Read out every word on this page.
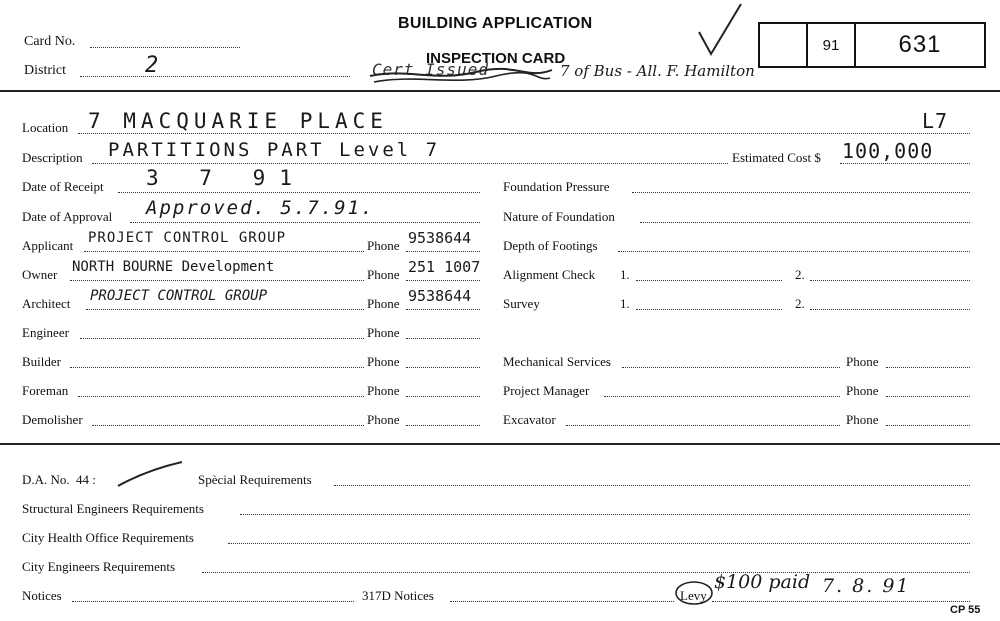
BUILDING APPLICATION
INSPECTION CARD
Card No.
District	2	Cert Issued	7 of Bus - All. F. Hamilton
91	631
Location 7 MACQUARIE PLACE	L7
Description PARTITIONS PART Level 7	Estimated Cost $ 100,000
Date of Receipt 3 7 91
Date of Approval Approved. 5.7.91.
Applicant PROJECT CONTROL GROUP	Phone 9538644
Owner NORTH BOURNE Development	Phone 251 1007
Architect PROJECT CONTROL GROUP	Phone 9538644
Engineer	Phone
Builder	Phone
Foreman	Phone
Demolisher	Phone
Foundation Pressure
Nature of Foundation
Depth of Footings
Alignment Check 1.	2.
Survey	1.	2.
Mechanical Services	Phone
Project Manager	Phone
Excavator	Phone
D.A. No. 44 :	Spècial Requirements
Structural Engineers Requirements
City Health Office Requirements
City Engineers Requirements
Notices	317D Notices	Levy
$100 paid 7. 8. 91
CP 55
